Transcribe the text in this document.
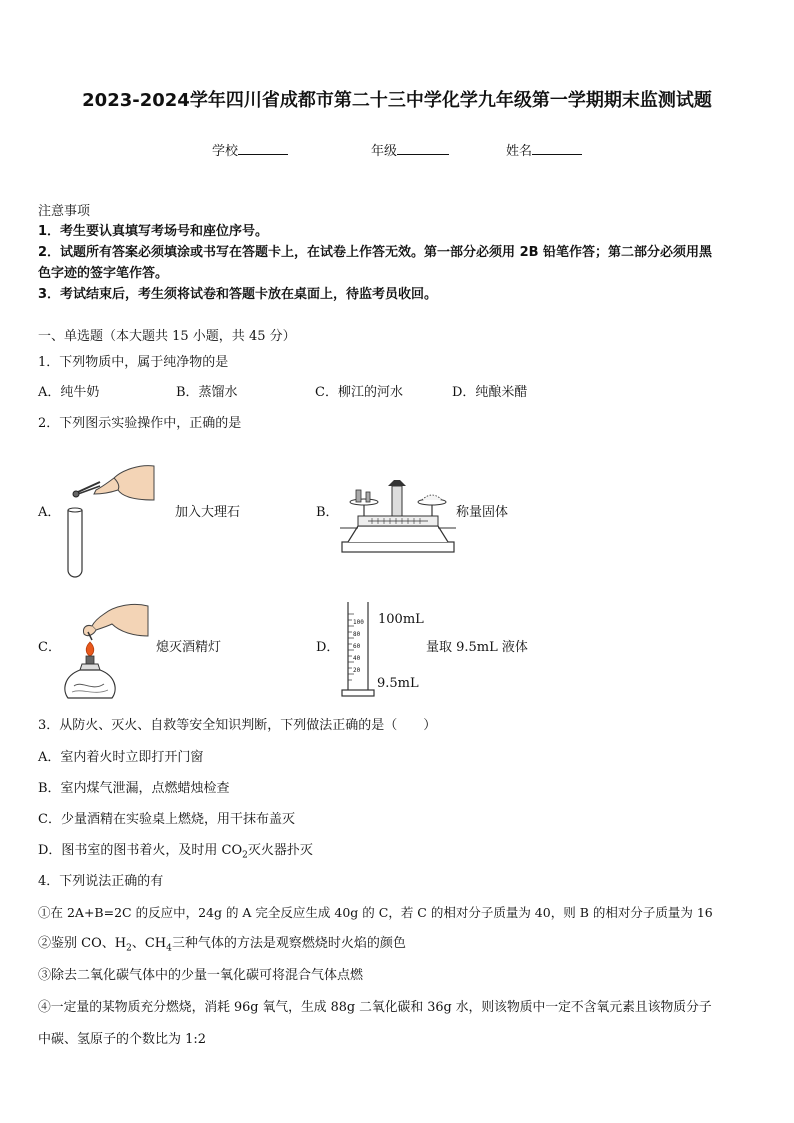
2023-2024学年四川省成都市第二十三中学化学九年级第一学期期末监测试题
学校	年级	姓名
注意事项
1．考生要认真填写考场号和座位序号。
2．试题所有答案必须填涂或书写在答题卡上，在试卷上作答无效。第一部分必须用 2B 铅笔作答；第二部分必须用黑
色字迹的签字笔作答。
3．考试结束后，考生须将试卷和答题卡放在桌面上，待监考员收回。
一、单选题（本大题共 15 小题，共 45 分）
1．下列物质中，属于纯净物的是
A．纯牛奶	B．蒸馏水	C．柳江的河水	D．纯酿米醋
2．下列图示实验操作中，正确的是
A．	加入大理石	B．	称量固体
C．	熄灭酒精灯	D．
100
80
60
40
20
100mL
9.5mL
量取 9.5mL 液体
3．从防火、灭火、自救等安全知识判断，下列做法正确的是（　　）
A．室内着火时立即打开门窗
B．室内煤气泄漏，点燃蜡烛检查
C．少量酒精在实验桌上燃烧，用干抹布盖灭
D．图书室的图书着火，及时用 $CO_2$灭火器扑灭
4．下列说法正确的有
①在 2A+B=2C 的反应中，24g 的 A 完全反应生成 40g 的 C，若 C 的相对分子质量为 40，则 B 的相对分子质量为 16
②鉴别 CO、$H_2$、$CH_4$三种气体的方法是观察燃烧时火焰的颜色
③除去二氧化碳气体中的少量一氧化碳可将混合气体点燃
④一定量的某物质充分燃烧，消耗 96g 氧气，生成 88g 二氧化碳和 36g 水，则该物质中一定不含氧元素且该物质分子
中碳、氢原子的个数比为 1:2
